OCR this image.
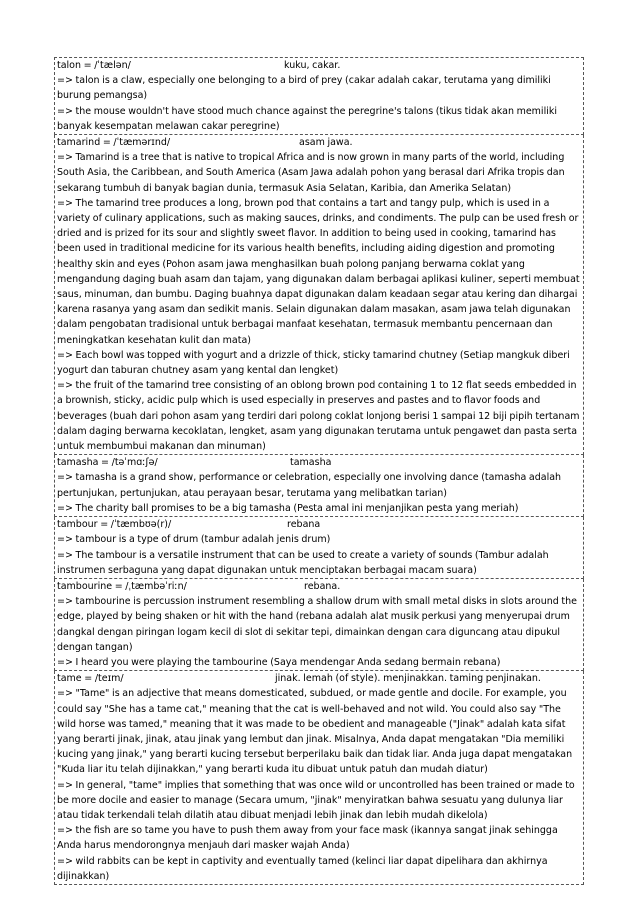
talon = /ˈtælən/	kuku, cakar.
=> talon is a claw, especially one belonging to a bird of prey (cakar adalah cakar, terutama yang dimiliki burung pemangsa)
=> the mouse wouldn't have stood much chance against the peregrine's talons (tikus tidak akan memiliki banyak kesempatan melawan cakar peregrine)
tamarind = /ˈtæmərɪnd/	asam jawa.
=> Tamarind is a tree that is native to tropical Africa and is now grown in many parts of the world, including South Asia, the Caribbean, and South America (Asam Jawa adalah pohon yang berasal dari Afrika tropis dan sekarang tumbuh di banyak bagian dunia, termasuk Asia Selatan, Karibia, dan Amerika Selatan)
=> The tamarind tree produces a long, brown pod that contains a tart and tangy pulp, which is used in a variety of culinary applications, such as making sauces, drinks, and condiments. The pulp can be used fresh or dried and is prized for its sour and slightly sweet flavor. In addition to being used in cooking, tamarind has been used in traditional medicine for its various health benefits, including aiding digestion and promoting healthy skin and eyes (Pohon asam jawa menghasilkan buah polong panjang berwarna coklat yang mengandung daging buah asam dan tajam, yang digunakan dalam berbagai aplikasi kuliner, seperti membuat saus, minuman, dan bumbu. Daging buahnya dapat digunakan dalam keadaan segar atau kering dan dihargai karena rasanya yang asam dan sedikit manis. Selain digunakan dalam masakan, asam jawa telah digunakan dalam pengobatan tradisional untuk berbagai manfaat kesehatan, termasuk membantu pencernaan dan meningkatkan kesehatan kulit dan mata)
=> Each bowl was topped with yogurt and a drizzle of thick, sticky tamarind chutney (Setiap mangkuk diberi yogurt dan taburan chutney asam yang kental dan lengket)
=> the fruit of the tamarind tree consisting of an oblong brown pod containing 1 to 12 flat seeds embedded in a brownish, sticky, acidic pulp which is used especially in preserves and pastes and to flavor foods and beverages (buah dari pohon asam yang terdiri dari polong coklat lonjong berisi 1 sampai 12 biji pipih tertanam dalam daging berwarna kecoklatan, lengket, asam yang digunakan terutama untuk pengawet dan pasta serta untuk membumbui makanan dan minuman)
tamasha = /təˈmɑːʃə/	tamasha
=> tamasha is a grand show, performance or celebration, especially one involving dance (tamasha adalah pertunjukan, pertunjukan, atau perayaan besar, terutama yang melibatkan tarian)
=> The charity ball promises to be a big tamasha (Pesta amal ini menjanjikan pesta yang meriah)
tambour = /ˈtæmbʊə(r)/	rebana
=> tambour is a type of drum (tambur adalah jenis drum)
=> The tambour is a versatile instrument that can be used to create a variety of sounds (Tambur adalah instrumen serbaguna yang dapat digunakan untuk menciptakan berbagai macam suara)
tambourine = /ˌtæmbəˈriːn/	rebana.
=> tambourine is percussion instrument resembling a shallow drum with small metal disks in slots around the edge, played by being shaken or hit with the hand (rebana adalah alat musik perkusi yang menyerupai drum dangkal dengan piringan logam kecil di slot di sekitar tepi, dimainkan dengan cara diguncang atau dipukul dengan tangan)
=> I heard you were playing the tambourine (Saya mendengar Anda sedang bermain rebana)
tame = /teɪm/	jinak. lemah (of style). menjinakkan. taming penjinakan.
=> "Tame" is an adjective that means domesticated, subdued, or made gentle and docile. For example, you could say "She has a tame cat," meaning that the cat is well-behaved and not wild. You could also say "The wild horse was tamed," meaning that it was made to be obedient and manageable ("Jinak" adalah kata sifat yang berarti jinak, jinak, atau jinak yang lembut dan jinak. Misalnya, Anda dapat mengatakan "Dia memiliki kucing yang jinak," yang berarti kucing tersebut berperilaku baik dan tidak liar. Anda juga dapat mengatakan "Kuda liar itu telah dijinakkan," yang berarti kuda itu dibuat untuk patuh dan mudah diatur)
=> In general, "tame" implies that something that was once wild or uncontrolled has been trained or made to be more docile and easier to manage (Secara umum, "jinak" menyiratkan bahwa sesuatu yang dulunya liar atau tidak terkendali telah dilatih atau dibuat menjadi lebih jinak dan lebih mudah dikelola)
=> the fish are so tame you have to push them away from your face mask (ikannya sangat jinak sehingga Anda harus mendorongnya menjauh dari masker wajah Anda)
=> wild rabbits can be kept in captivity and eventually tamed (kelinci liar dapat dipelihara dan akhirnya dijinakkan)
